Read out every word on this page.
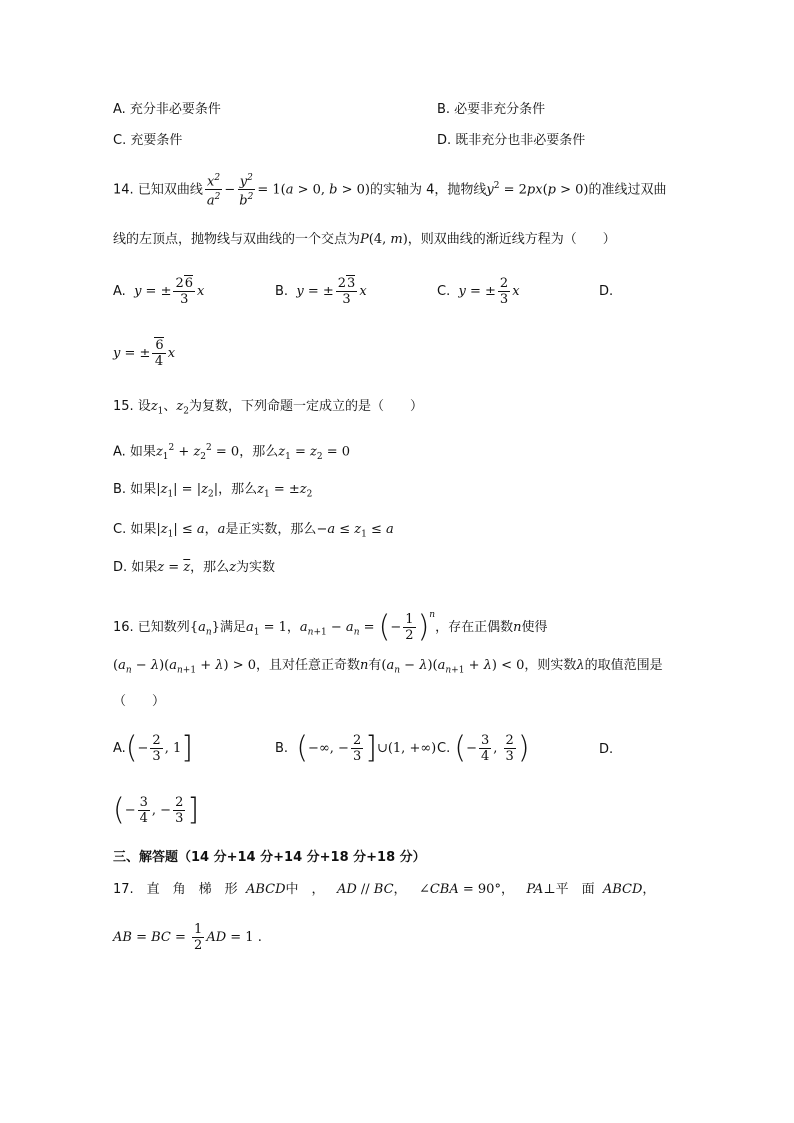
A. 充分非必要条件	B. 必要非充分条件
C. 充要条件	D. 既非充分也非必要条件
14. 已知双曲线 $\frac{x^2}{a^2} - \frac{y^2}{b^2} = 1(a > 0$, b > 0)的实轴为 4，抛物线$y^2 = 2px(p > 0)$的准线过双曲
线的左顶点，抛物线与双曲线的一个交点为P(4, m)，则双曲线的渐近线方程为（　　）
A. y = ± $\frac{26}{3}$ x	B. y = ± $\frac{23}{3}$ x	C. y = ± $\frac{2}{3}$ x	D.
y = ± $\frac{6}{4}$ x
15. 设$z_1$、$z_2$为复数，下列命题一定成立的是（　　）
A. 如果$z_1^2 + z_2^2 = 0$，那么$z_1 = z_2 = 0$
B. 如果$|z_1| = |z_2|$，那么$z_1 = \pm z_2$
C. 如果$|z_1| \le a$，a是正实数，那么$-a \le z_1 \le a$
D. 如果$z = \overline{z}$，那么z为实数
16. 已知数列$\{a_n\}$满足$a_1 = 1$，$a_{n+1} - a_n$ = (− $\frac{1}{2} )^n$，存在正偶数n使得
$(a_n - \lambda)(a_{n+1} + \lambda) > 0$，且对任意正奇数n有$(a_n - \lambda)(a_{n+1} + \lambda) < 0$，则实数λ的取值范围是
（　　）
$A.(- \frac{2}{3}$ , 1]	B. (−∞, − $\frac{2}{3}$ ]∪(1, +∞) C. (− $\frac{3}{4}$ , $\frac{2}{3}$ )	D.
(− $\frac{3}{4}$ , − $\frac{2}{3}$ ]
三、解答题（14 分+14 分+14 分+18 分+18 分）
17.　直　角　梯　形 ABCD中　， AD // BC， ∠CBA = 90°， PA⊥平　面 ABCD，
AB = BC = $\frac{1}{2}$ AD = 1 .
